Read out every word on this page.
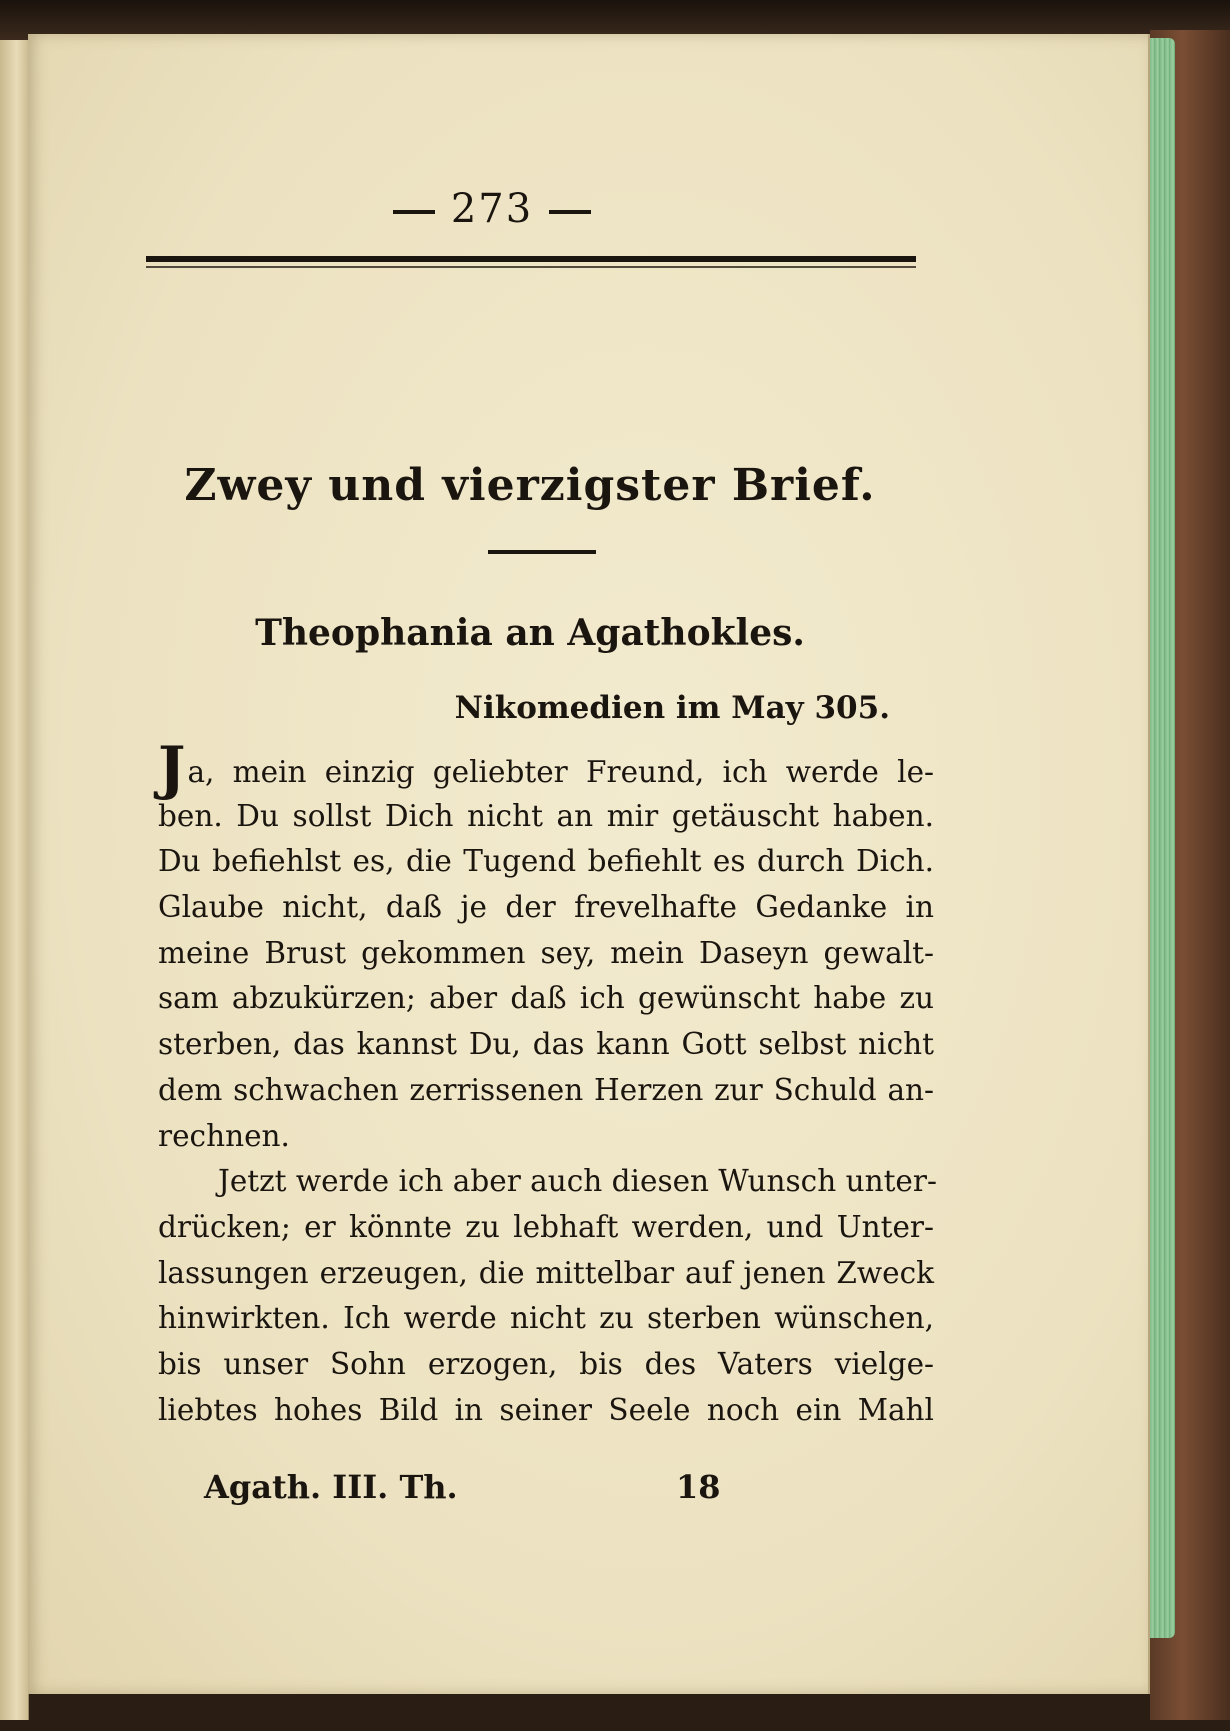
273
Zwey und vierzigster Brief.
Theophania an Agathokles.
Nikomedien im May 305.
Ja, mein einzig geliebter Freund, ich werde le-
ben. Du sollst Dich nicht an mir getäuscht haben.
Du befiehlst es, die Tugend befiehlt es durch Dich.
Glaube nicht, daß je der frevelhafte Gedanke in
meine Brust gekommen sey, mein Daseyn gewalt-
sam abzukürzen; aber daß ich gewünscht habe zu
sterben, das kannst Du, das kann Gott selbst nicht
dem schwachen zerrissenen Herzen zur Schuld an-
rechnen.
Jetzt werde ich aber auch diesen Wunsch unter-
drücken; er könnte zu lebhaft werden, und Unter-
lassungen erzeugen, die mittelbar auf jenen Zweck
hinwirkten. Ich werde nicht zu sterben wünschen,
bis unser Sohn erzogen, bis des Vaters vielge-
liebtes hohes Bild in seiner Seele noch ein Mahl
Agath. III. Th.	18
